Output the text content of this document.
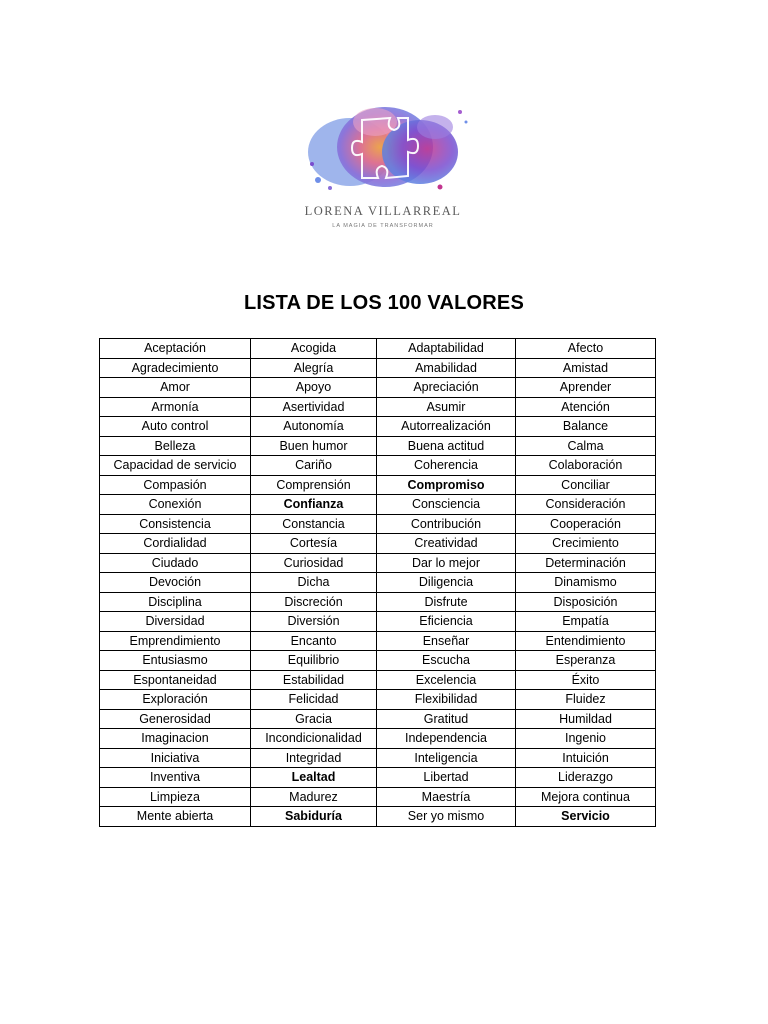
LORENA VILLARREAL
LA MAGIA DE TRANSFORMAR
LISTA DE LOS 100 VALORES
Aceptación	Acogida	Adaptabilidad	Afecto
Agradecimiento	Alegría	Amabilidad	Amistad
Amor	Apoyo	Apreciación	Aprender
Armonía	Asertividad	Asumir	Atención
Auto control	Autonomía	Autorrealización	Balance
Belleza	Buen humor	Buena actitud	Calma
Capacidad de servicio	Cariño	Coherencia	Colaboración
Compasión	Comprensión	Compromiso	Conciliar
Conexión	Confianza	Consciencia	Consideración
Consistencia	Constancia	Contribución	Cooperación
Cordialidad	Cortesía	Creatividad	Crecimiento
Ciudado	Curiosidad	Dar lo mejor	Determinación
Devoción	Dicha	Diligencia	Dinamismo
Disciplina	Discreción	Disfrute	Disposición
Diversidad	Diversión	Eficiencia	Empatía
Emprendimiento	Encanto	Enseñar	Entendimiento
Entusiasmo	Equilibrio	Escucha	Esperanza
Espontaneidad	Estabilidad	Excelencia	Éxito
Exploración	Felicidad	Flexibilidad	Fluidez
Generosidad	Gracia	Gratitud	Humildad
Imaginacion	Incondicionalidad	Independencia	Ingenio
Iniciativa	Integridad	Inteligencia	Intuición
Inventiva	Lealtad	Libertad	Liderazgo
Limpieza	Madurez	Maestría	Mejora continua
Mente abierta	Sabiduría	Ser yo mismo	Servicio
